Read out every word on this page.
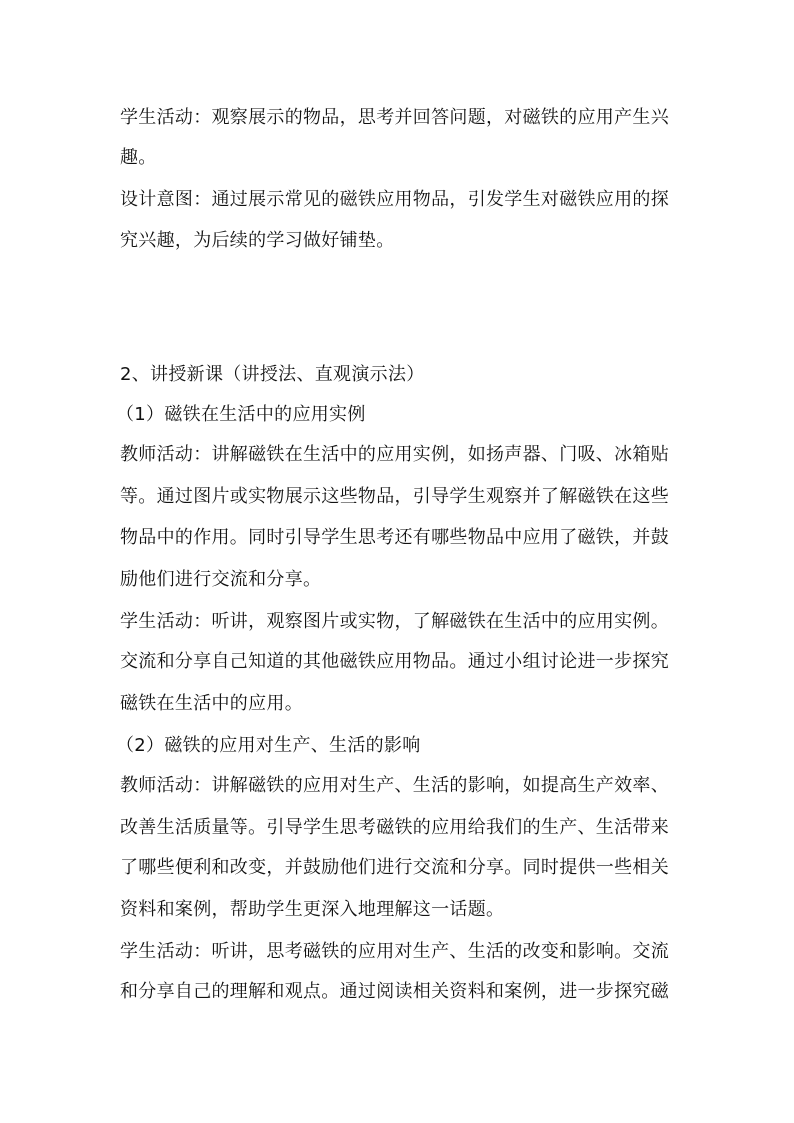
学生活动：观察展示的物品，思考并回答问题，对磁铁的应用产生兴
趣。
设计意图：通过展示常见的磁铁应用物品，引发学生对磁铁应用的探
究兴趣，为后续的学习做好铺垫。
2、讲授新课（讲授法、直观演示法）
（1）磁铁在生活中的应用实例
教师活动：讲解磁铁在生活中的应用实例，如扬声器、门吸、冰箱贴
等。通过图片或实物展示这些物品，引导学生观察并了解磁铁在这些
物品中的作用。同时引导学生思考还有哪些物品中应用了磁铁，并鼓
励他们进行交流和分享。
学生活动：听讲，观察图片或实物，了解磁铁在生活中的应用实例。
交流和分享自己知道的其他磁铁应用物品。通过小组讨论进一步探究
磁铁在生活中的应用。
（2）磁铁的应用对生产、生活的影响
教师活动：讲解磁铁的应用对生产、生活的影响，如提高生产效率、
改善生活质量等。引导学生思考磁铁的应用给我们的生产、生活带来
了哪些便利和改变，并鼓励他们进行交流和分享。同时提供一些相关
资料和案例，帮助学生更深入地理解这一话题。
学生活动：听讲，思考磁铁的应用对生产、生活的改变和影响。交流
和分享自己的理解和观点。通过阅读相关资料和案例，进一步探究磁
